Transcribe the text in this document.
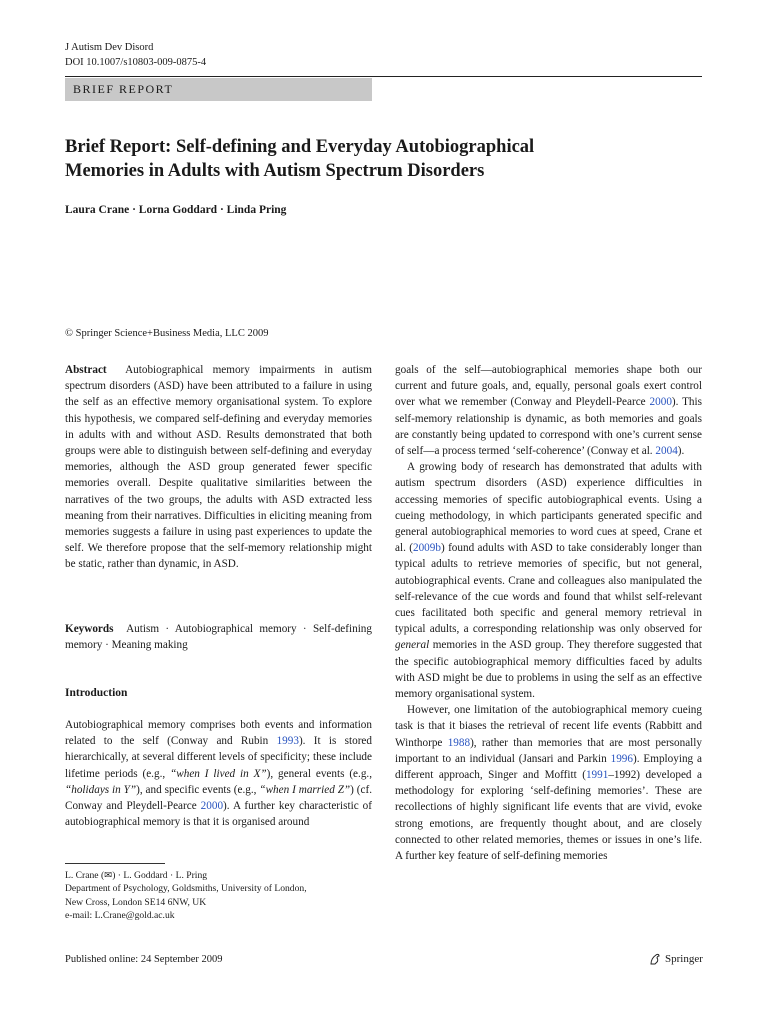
J Autism Dev Disord
DOI 10.1007/s10803-009-0875-4
BRIEF REPORT
Brief Report: Self-defining and Everyday Autobiographical
Memories in Adults with Autism Spectrum Disorders
Laura Crane · Lorna Goddard · Linda Pring
© Springer Science+Business Media, LLC 2009

Abstract Autobiographical memory impairments in autism spectrum disorders (ASD) have been attributed to a failure in using the self as an effective memory organisational system. To explore this hypothesis, we compared self-defining and everyday memories in adults with and without ASD. Results demonstrated that both groups were able to distinguish between self-defining and everyday memories, although the ASD group generated fewer specific memories overall. Despite qualitative similarities between the narratives of the two groups, the adults with ASD extracted less meaning from their narratives. Difficulties in eliciting meaning from memories suggests a failure in using past experiences to update the self. We therefore propose that the self-memory relationship might be static, rather than dynamic, in ASD.

Keywords Autism · Autobiographical memory · Self-defining memory · Meaning making

Introduction

Autobiographical memory comprises both events and information related to the self (Conway and Rubin 1993). It is stored hierarchically, at several different levels of specificity; these include lifetime periods (e.g., “when I lived in X”), general events (e.g., “holidays in Y”), and specific events (e.g., “when I married Z”) (cf. Conway and Pleydell-Pearce 2000). A further key characteristic of autobiographical memory is that it is organised around

L. Crane (✉) · L. Goddard · L. Pring
Department of Psychology, Goldsmiths, University of London,
New Cross, London SE14 6NW, UK
e-mail: L.Crane@gold.ac.uk

goals of the self—autobiographical memories shape both our current and future goals, and, equally, personal goals exert control over what we remember (Conway and Pleydell-Pearce 2000). This self-memory relationship is dynamic, as both memories and goals are constantly being updated to correspond with one’s current sense of self—a process termed ‘self-coherence’ (Conway et al. 2004).

A growing body of research has demonstrated that adults with autism spectrum disorders (ASD) experience difficulties in accessing memories of specific autobiographical events. Using a cueing methodology, in which participants generated specific and general autobiographical memories to word cues at speed, Crane et al. (2009b) found adults with ASD to take considerably longer than typical adults to retrieve memories of specific, but not general, autobiographical events. Crane and colleagues also manipulated the self-relevance of the cue words and found that whilst self-relevant cues facilitated both specific and general memory retrieval in typical adults, a corresponding relationship was only observed for general memories in the ASD group. They therefore suggested that the specific autobiographical memory difficulties faced by adults with ASD might be due to problems in using the self as an effective memory organisational system.

However, one limitation of the autobiographical memory cueing task is that it biases the retrieval of recent life events (Rabbitt and Winthorpe 1988), rather than memories that are most personally important to an individual (Jansari and Parkin 1996). Employing a different approach, Singer and Moffitt (1991–1992) developed a methodology for exploring ‘self-defining memories’. These are recollections of highly significant life events that are vivid, evoke strong emotions, are frequently thought about, and are closely connected to other related memories, themes or issues in one’s life. A further key feature of self-defining memories

Published online: 24 September 2009	Springer
